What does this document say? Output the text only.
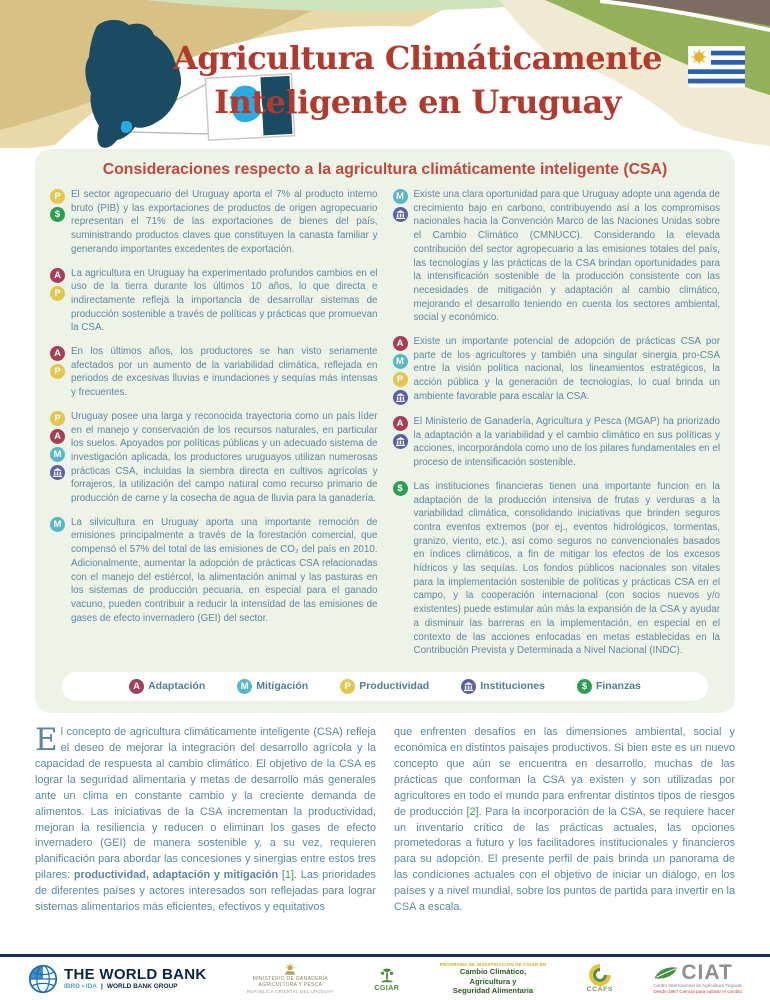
Agricultura Climáticamente
Inteligente en Uruguay
Consideraciones respecto a la agricultura climáticamente inteligente (CSA)
P
$

El sector agropecuario del Uruguay aporta el 7% al producto interno bruto (PIB) y las exportaciones de productos de origen agropecuario representan el 71% de las exportaciones de bienes del país, suministrando productos claves que constituyen la canasta familiar y generando importantes excedentes de exportación.

A
P

La agricultura en Uruguay ha experimentado profundos cambios en el uso de la tierra durante los últimos 10 años, lo que directa e indirectamente refleja la importancia de desarrollar sistemas de producción sostenible a través de políticas y prácticas que promuevan la CSA.

A
P

En los últimos años, los productores se han visto seriamente afectados por un aumento de la variabilidad climática, reflejada en periodos de excesivas lluvias e inundaciones y sequías más intensas y frecuentes.

P
A
M

Uruguay posee una larga y reconocida trayectoria como un país líder en el manejo y conservación de los recursos naturales, en particular los suelos. Apoyados por políticas públicas y un adecuado sistema de investigación aplicada, los productores uruguayos utilizan numerosas prácticas CSA, incluidas la siembra directa en cultivos agrícolas y forrajeros, la utilización del campo natural como recurso primario de producción de carne y la cosecha de agua de lluvia para la ganadería.

M La silvicultura en Uruguay aporta una importante remoción de emisiones principalmente a través de la forestación comercial, que compensó el 57% del total de las emisiones de CO₂ del país en 2010. Adicionalmente, aumentar la adopción de prácticas CSA relacionadas con el manejo del estiércol, la alimentación animal y las pasturas en los sistemas de producción pecuaria, en especial para el ganado vacuno, pueden contribuir a reducir la intensidad de las emisiones de gases de efecto invernadero (GEI) del sector.

M Existe una clara oportunidad para que Uruguay adopte una agenda de crecimiento bajo en carbono, contribuyendo así a los compromisos nacionales hacia la Convención Marco de las Naciones Unidas sobre el Cambio Climático (CMNUCC). Considerando la elevada contribución del sector agropecuario a las emisiones totales del país, las tecnologías y las prácticas de la CSA brindan oportunidades para la intensificación sostenible de la producción consistente con las necesidades de mitigación y adaptación al cambio climático, mejorando el desarrollo teniendo en cuenta los sectores ambiental, social y económico.

A
M
P

Existe un importante potencial de adopción de prácticas CSA por parte de los agricultores y también una singular sinergia pro-CSA entre la visión política nacional, los lineamientos estratégicos, la acción pública y la generación de tecnologías, lo cual brinda un ambiente favorable para escalar la CSA.

A	El Ministerio de Ganadería, Agricultura y Pesca (MGAP) ha priorizado la adaptación a la variabilidad y el cambio climático en sus políticas y acciones, incorporándola como uno de los pilares fundamentales en el proceso de intensificación sostenible.

$	Las instituciones financieras tienen una importante funcion en la adaptación de la producción intensiva de frutas y verduras a la variabilidad climática, consolidando iniciativas que brinden seguros contra eventos extremos (por ej., eventos hidrológicos, tormentas, granizo, viento, etc.), así como seguros no convencionales basados en índices climáticos, a fin de mitigar los efectos de los excesos hídricos y las sequías. Los fondos públicos nacionales son vitales para la implementación sostenible de políticas y prácticas CSA en el campo, y la cooperación internacional (con socios nuevos y/o existentes) puede estimular aún más la expansión de la CSA y ayudar a disminuir las barreras en la implementación, en especial en el contexto de las acciones enfocadas en metas establecidas en la Contribución Prevista y Determinada a Nivel Nacional (INDC).

A Adaptación	M Mitigación	P Productividad	Instituciones	$ Finanzas

El concepto de agricultura climáticamente inteligente (CSA) refleja el deseo de mejorar la integración del desarrollo agrícola y la capacidad de respuesta al cambio climático. El objetivo de la CSA es lograr la seguridad alimentaria y metas de desarrollo más generales ante un clima en constante cambio y la creciente demanda de alimentos. Las iniciativas de la CSA incrementan la productividad, mejoran la resiliencia y reducen o eliminan los gases de efecto invernadero (GEI) de manera sostenible y, a su vez, requieren planificación para abordar las concesiones y sinergias entre estos tres pilares: productividad, adaptación y mitigación [1]. Las prioridades de diferentes países y actores interesados son reflejadas para lograr sistemas alimentarios más eficientes, efectivos y equitativos

que enfrenten desafíos en las dimensiones ambiental, social y económica en distintos paisajes productivos. Si bien este es un nuevo concepto que aún se encuentra en desarrollo, muchas de las prácticas que conforman la CSA ya existen y son utilizadas por agricultores en todo el mundo para enfrentar distintos tipos de riesgos de producción [2]. Para la incorporación de la CSA, se requiere hacer un inventario crítico de las prácticas actuales, las opciones prometedoras a futuro y los facilitadores institucionales y financieros para su adopción. El presente perfil de país brinda un panorama de las condiciones actuales con el objetivo de iniciar un diálogo, en los países y a nivel mundial, sobre los puntos de partida para invertir en la CSA a escala.

THE WORLD BANK
IBRD • IDA | WORLD BANK GROUP
MINISTERIO DE GANADERÍA
AGRICULTURA Y PESCA
REPÚBLICA ORIENTAL DEL URUGUAY	CGIAR
PROGRAMA DE INVESTIGACIÓN DE CGIAR EN
Cambio Climático,
Agricultura y
Seguridad Alimentaria	CCAFS
CIAT
Centro Internacional de Agricultura Tropical
Desde 1967 Ciencia para cultivar el cambio
